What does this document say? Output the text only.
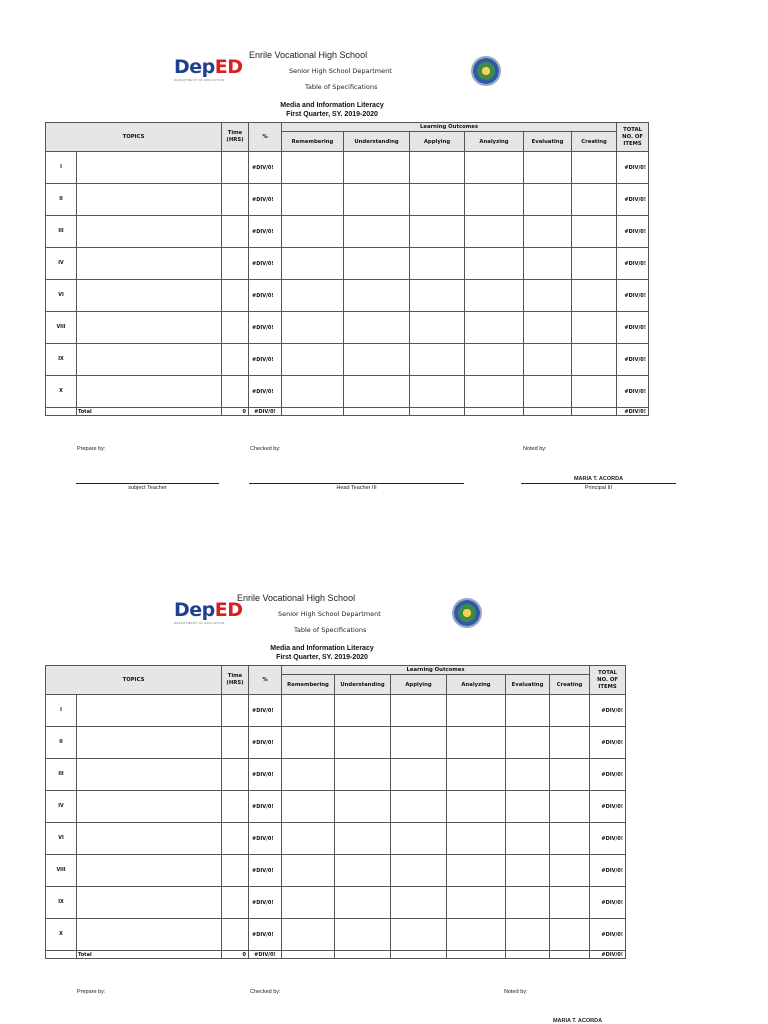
DepED
DEPARTMENT OF EDUCATION
Enrile Vocational High School
Senior High School Department
Table of Specifications
Media and Information Literacy
First Quarter, SY. 2019-2020
TOPICS		Time
(HRS)	%	Learning Outcomes						TOTAL
NO. OF
ITEMS
				Remembering	Understanding	Applying	Analyzing	Evaluating	Creating	
I			#DIV/0!							#DIV/0!
II			#DIV/0!							#DIV/0!
III			#DIV/0!							#DIV/0!
IV			#DIV/0!							#DIV/0!
VI			#DIV/0!							#DIV/0!
VIII			#DIV/0!							#DIV/0!
IX			#DIV/0!							#DIV/0!
X			#DIV/0!							#DIV/0!
	Total	0	#DIV/0!							#DIV/0!
Prepare by:	Checked by:	Noted by:
MARIA T. ACORDA
subject Teacher	Head Teacher III	Principal III
DepED
DEPARTMENT OF EDUCATION
Enrile Vocational High School
Senior High School Department
Table of Specifications
Media and Information Literacy
First Quarter, SY. 2019-2020
TOPICS		Time
(HRS)	%	Learning Outcomes						TOTAL
NO. OF
ITEMS
				Remembering	Understanding	Applying	Analyzing	Evaluating	Creating	
I			#DIV/0!							#DIV/0!
II			#DIV/0!							#DIV/0!
III			#DIV/0!							#DIV/0!
IV			#DIV/0!							#DIV/0!
VI			#DIV/0!							#DIV/0!
VIII			#DIV/0!							#DIV/0!
IX			#DIV/0!							#DIV/0!
X			#DIV/0!							#DIV/0!
	Total	0	#DIV/0!							#DIV/0!
Prepare by:	Checked by:	Noted by:
MARIA T. ACORDA
